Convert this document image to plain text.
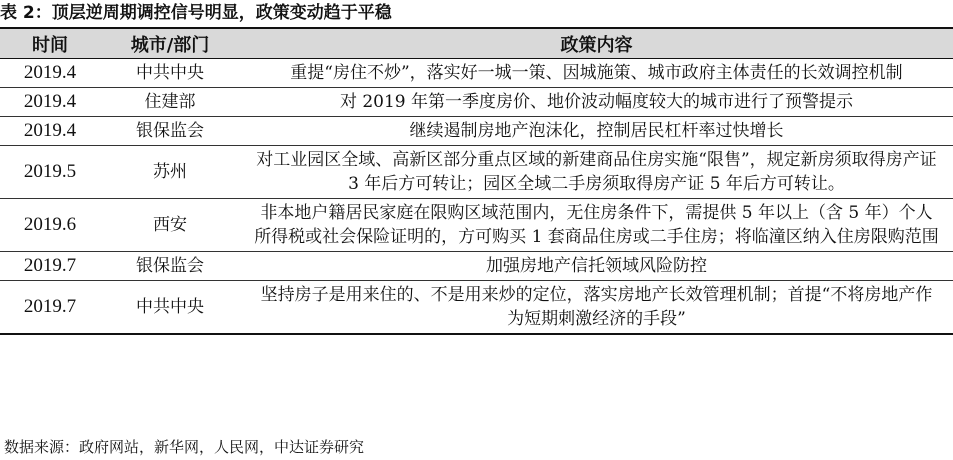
表 2：顶层逆周期调控信号明显，政策变动趋于平稳
时间	城市/部门	政策内容
2019.4	中共中央	重提“房住不炒”，落实好一城一策、因城施策、城市政府主体责任的长效调控机制
2019.4	住建部	对 2019 年第一季度房价、地价波动幅度较大的城市进行了预警提示
2019.4	银保监会	继续遏制房地产泡沫化，控制居民杠杆率过快增长
2019.5	苏州	对工业园区全域、高新区部分重点区域的新建商品住房实施“限售”，规定新房须取得房产证 3 年后方可转让；园区全域二手房须取得房产证 5 年后方可转让。
2019.6	西安	非本地户籍居民家庭在限购区域范围内，无住房条件下，需提供 5 年以上（含 5 年）个人所得税或社会保险证明的，方可购买 1 套商品住房或二手住房；将临潼区纳入住房限购范围
2019.7	银保监会	加强房地产信托领域风险防控
2019.7	中共中央	坚持房子是用来住的、不是用来炒的定位，落实房地产长效管理机制；首提“不将房地产作为短期刺激经济的手段”
数据来源：政府网站，新华网，人民网，中达证券研究
